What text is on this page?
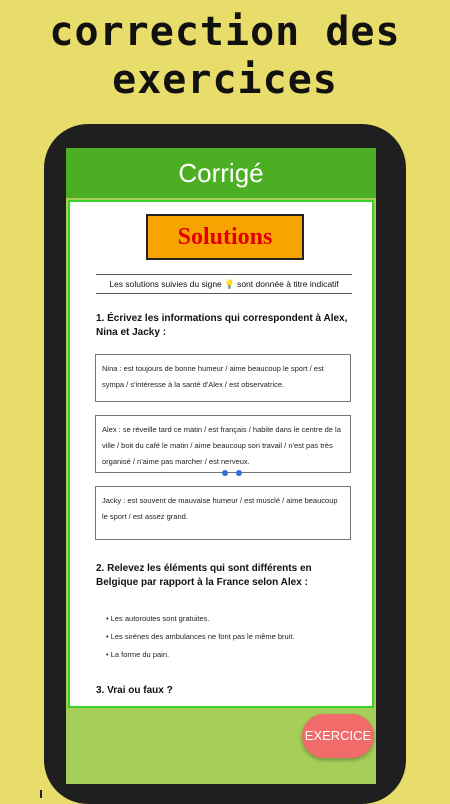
correction des
exercices
Corrigé
Solutions
Les solutions suivies du signe 💡 sont donnée à titre indicatif
1. Écrivez les informations qui correspondent à Alex, Nina et Jacky :
Nina : est toujours de bonne humeur / aime beaucoup le sport / est sympa / s'intéresse à la santé d'Alex / est observatrice.
Alex : se réveille tard ce matin / est français / habite dans le centre de la ville / boit du café le matin / aime beaucoup son travail / n'est pas très organisé / n'aime pas marcher / est nerveux.
Jacky : est souvent de mauvaise humeur / est musclé / aime beaucoup le sport / est assez grand.
2. Relevez les éléments qui sont différents en Belgique par rapport à la France selon Alex :
• Les autoroutes sont gratuites.
• Les sirènes des ambulances ne font pas le même bruit.
• La forme du pain.
3. Vrai ou faux ?
EXERCICE
